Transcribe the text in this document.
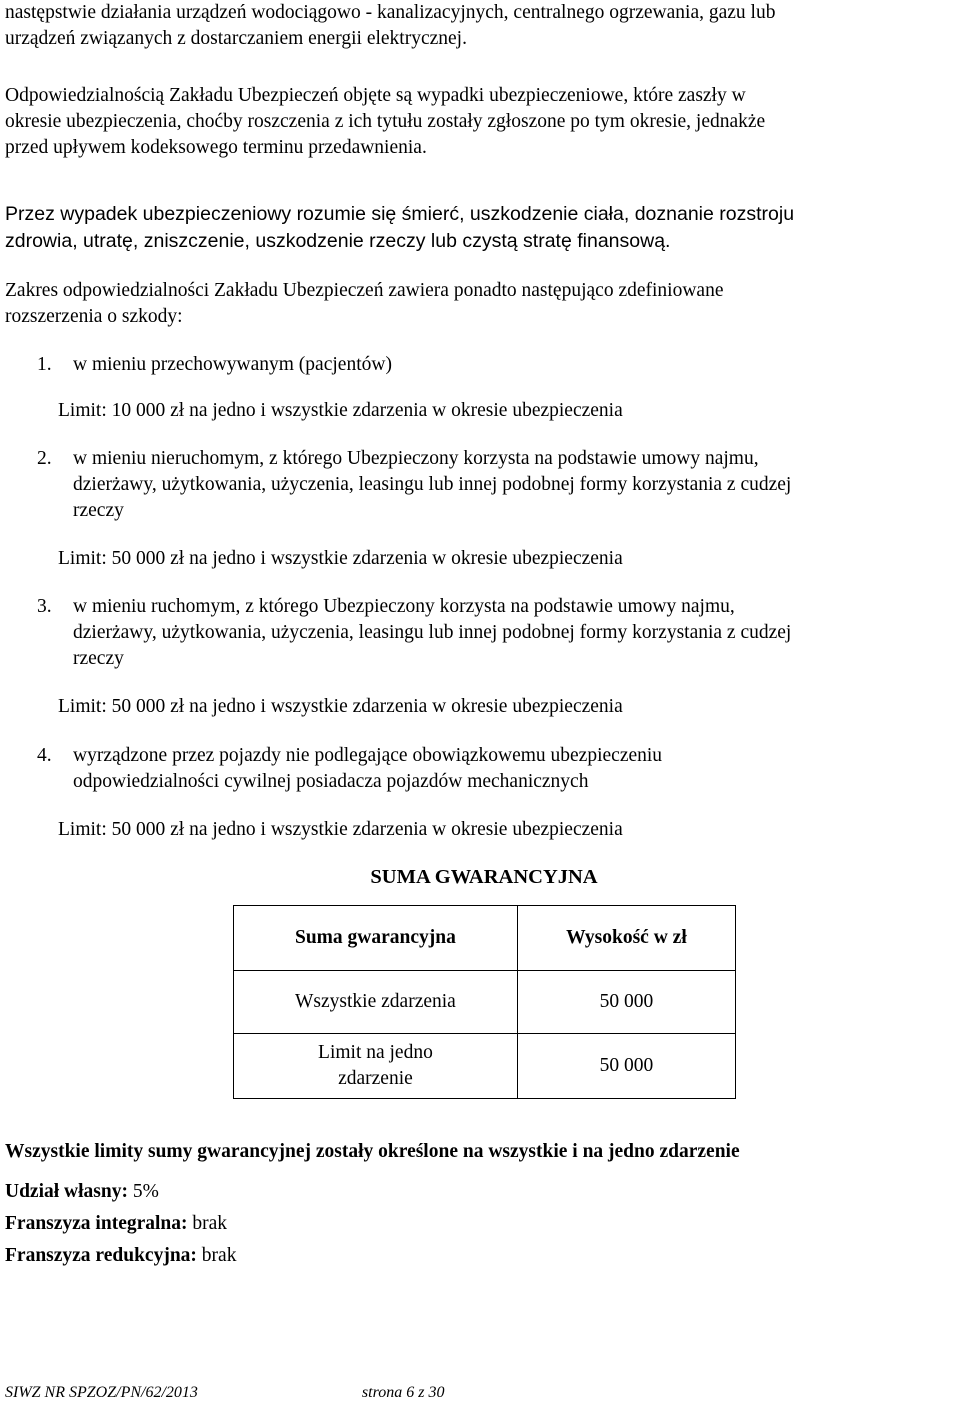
następstwie działania urządzeń wodociągowo - kanalizacyjnych, centralnego ogrzewania, gazu lub
urządzeń związanych z dostarczaniem energii elektrycznej.
Odpowiedzialnością Zakładu Ubezpieczeń objęte są wypadki ubezpieczeniowe, które zaszły w
okresie ubezpieczenia, choćby roszczenia z ich tytułu zostały zgłoszone po tym okresie, jednakże
przed upływem kodeksowego terminu przedawnienia.
Przez wypadek ubezpieczeniowy rozumie się śmierć, uszkodzenie ciała, doznanie rozstroju
zdrowia, utratę, zniszczenie, uszkodzenie rzeczy lub czystą stratę finansową.
Zakres odpowiedzialności Zakładu Ubezpieczeń zawiera ponadto następująco zdefiniowane
rozszerzenia o szkody:
1. w mieniu przechowywanym (pacjentów)
Limit: 10 000 zł na jedno i wszystkie zdarzenia w okresie ubezpieczenia
2. w mieniu nieruchomym, z którego Ubezpieczony korzysta na podstawie umowy najmu,
dzierżawy, użytkowania, użyczenia, leasingu lub innej podobnej formy korzystania z cudzej
rzeczy
Limit: 50 000 zł na jedno i wszystkie zdarzenia w okresie ubezpieczenia
3. w mieniu ruchomym, z którego Ubezpieczony korzysta na podstawie umowy najmu,
dzierżawy, użytkowania, użyczenia, leasingu lub innej podobnej formy korzystania z cudzej
rzeczy
Limit: 50 000 zł na jedno i wszystkie zdarzenia w okresie ubezpieczenia
4. wyrządzone przez pojazdy nie podlegające obowiązkowemu ubezpieczeniu
odpowiedzialności cywilnej posiadacza pojazdów mechanicznych
Limit: 50 000 zł na jedno i wszystkie zdarzenia w okresie ubezpieczenia
SUMA GWARANCYJNA
Suma gwarancyjna	Wysokość w zł
Wszystkie zdarzenia	50 000

Limit na jedno
zdarzenie	50 000
Wszystkie limity sumy gwarancyjnej zostały określone na wszystkie i na jedno zdarzenie
Udział własny: 5%
Franszyza integralna: brak
Franszyza redukcyjna: brak
SIWZ NR SPZOZ/PN/62/2013	strona 6 z 30
